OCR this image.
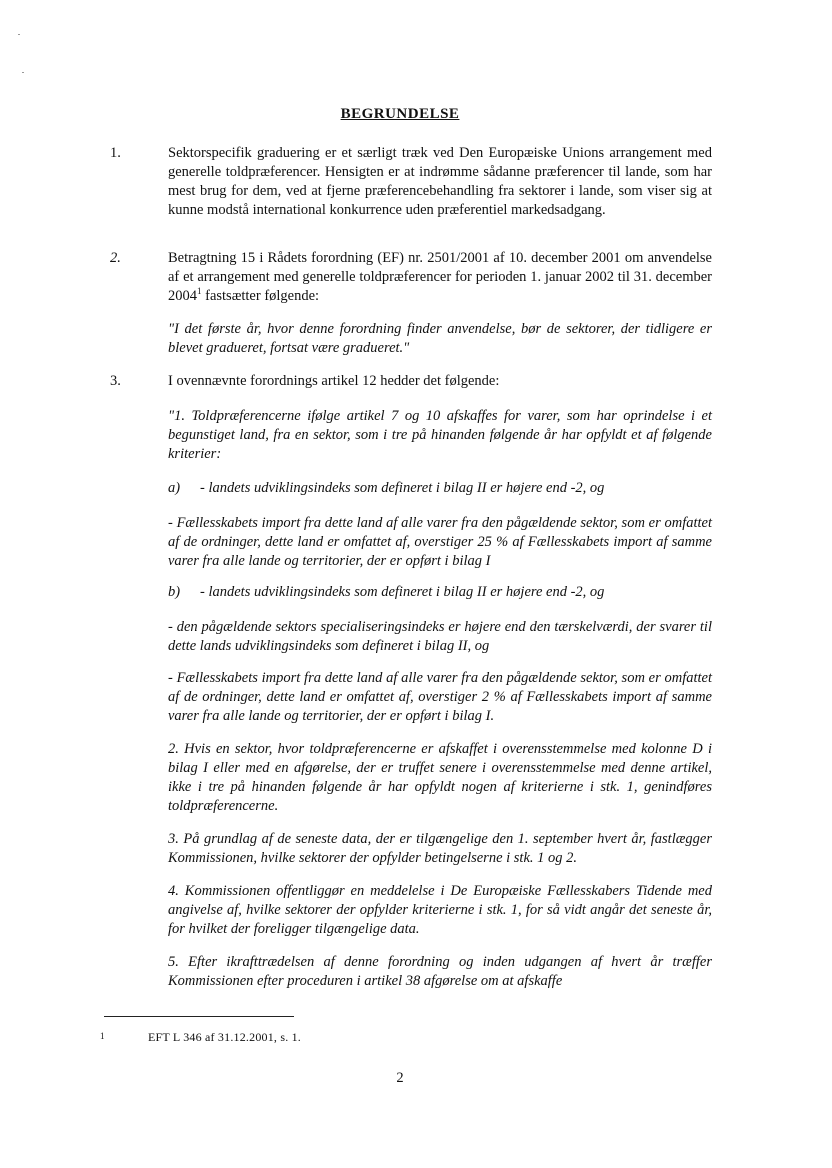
BEGRUNDELSE
1.	Sektorspecifik graduering er et særligt træk ved Den Europæiske Unions arrangement med generelle toldpræferencer. Hensigten er at indrømme sådanne præferencer til lande, som har mest brug for dem, ved at fjerne præferencebehandling fra sektorer i lande, som viser sig at kunne modstå international konkurrence uden præferentiel markedsadgang.
2.	Betragtning 15 i Rådets forordning (EF) nr. 2501/2001 af 10. december 2001 om anvendelse af et arrangement med generelle toldpræferencer for perioden 1. januar 2002 til 31. december 2004$^1$ fastsætter følgende:
"I det første år, hvor denne forordning finder anvendelse, bør de sektorer, der tidligere er blevet gradueret, fortsat være gradueret."
3.	I ovennævnte forordnings artikel 12 hedder det følgende:
"1. Toldpræferencerne ifølge artikel 7 og 10 afskaffes for varer, som har oprindelse i et begunstiget land, fra en sektor, som i tre på hinanden følgende år har opfyldt et af følgende kriterier:
a) - landets udviklingsindeks som defineret i bilag II er højere end -2, og
- Fællesskabets import fra dette land af alle varer fra den pågældende sektor, som er omfattet af de ordninger, dette land er omfattet af, overstiger 25 % af Fællesskabets import af samme varer fra alle lande og territorier, der er opført i bilag I
b) - landets udviklingsindeks som defineret i bilag II er højere end -2, og
- den pågældende sektors specialiseringsindeks er højere end den tærskelværdi, der svarer til dette lands udviklingsindeks som defineret i bilag II, og
- Fællesskabets import fra dette land af alle varer fra den pågældende sektor, som er omfattet af de ordninger, dette land er omfattet af, overstiger 2 % af Fællesskabets import af samme varer fra alle lande og territorier, der er opført i bilag I.
2. Hvis en sektor, hvor toldpræferencerne er afskaffet i overensstemmelse med kolonne D i bilag I eller med en afgørelse, der er truffet senere i overensstemmelse med denne artikel, ikke i tre på hinanden følgende år har opfyldt nogen af kriterierne i stk. 1, genindføres toldpræferencerne.
3. På grundlag af de seneste data, der er tilgængelige den 1. september hvert år, fastlægger Kommissionen, hvilke sektorer der opfylder betingelserne i stk. 1 og 2.
4. Kommissionen offentliggør en meddelelse i De Europæiske Fællesskabers Tidende med angivelse af, hvilke sektorer der opfylder kriterierne i stk. 1, for så vidt angår det seneste år, for hvilket der foreligger tilgængelige data.
5. Efter ikrafttrædelsen af denne forordning og inden udgangen af hvert år træffer Kommissionen efter proceduren i artikel 38 afgørelse om at afskaffe
1	EFT L 346 af 31.12.2001, s. 1.
2
